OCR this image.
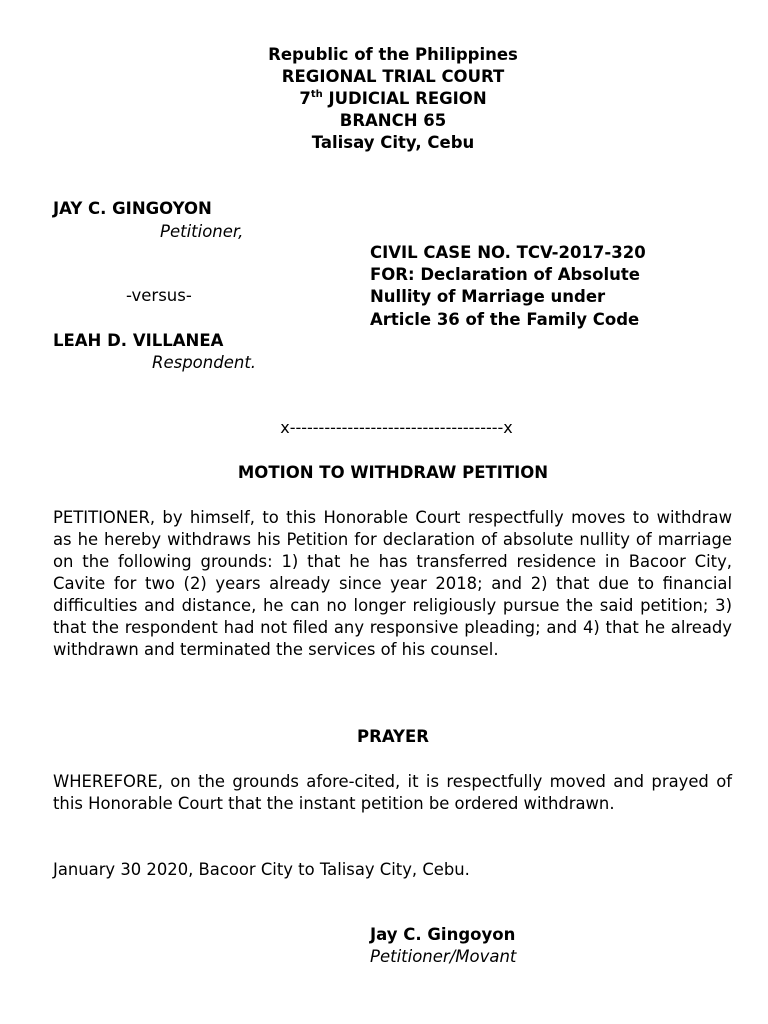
Republic of the Philippines
REGIONAL TRIAL COURT
7th JUDICIAL REGION
BRANCH 65
Talisay City, Cebu
JAY C. GINGOYON
Petitioner,
-versus-
LEAH D. VILLANEA
Respondent.
CIVIL CASE NO. TCV-2017-320
FOR: Declaration of Absolute
Nullity of Marriage under
Article 36 of the Family Code
x-------------------------------------x
MOTION TO WITHDRAW PETITION

PETITIONER, by himself, to this Honorable Court respectfully moves to withdraw as he hereby withdraws his Petition for declaration of absolute nullity of marriage on the following grounds: 1) that he has transferred residence in Bacoor City, Cavite for two (2) years already since year 2018; and 2) that due to financial difficulties and distance, he can no longer religiously pursue the said petition; 3) that the respondent had not filed any responsive pleading; and 4) that he already withdrawn and terminated the services of his counsel.

PRAYER

WHEREFORE, on the grounds afore-cited, it is respectfully moved and prayed of this Honorable Court that the instant petition be ordered withdrawn.

January 30 2020, Bacoor City to Talisay City, Cebu.
Jay C. Gingoyon
Petitioner/Movant
